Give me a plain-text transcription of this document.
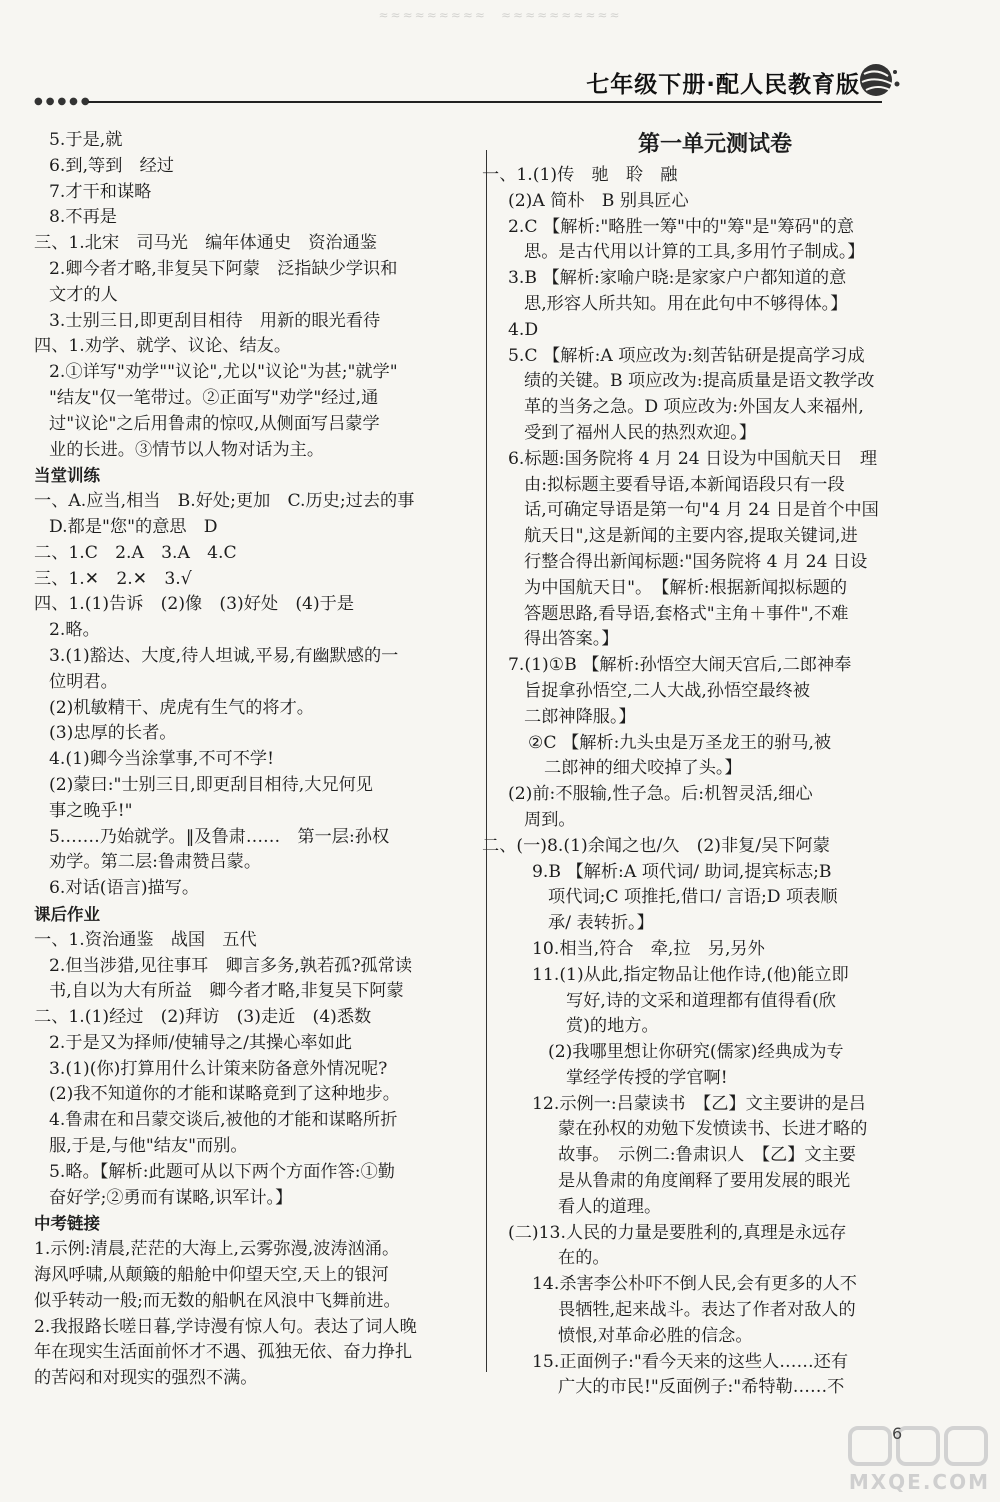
≈≈≈≈≈≈≈≈≈　≈≈≈≈≈≈≈≈≈≈
●●●●●
七年级下册·配人民教育版
5.于是,就
6.到,等到　经过
7.才干和谋略
8.不再是
三、1.北宋　司马光　编年体通史　资治通鉴
2.卿今者才略,非复吴下阿蒙　泛指缺少学识和
文才的人
3.士别三日,即更刮目相待　用新的眼光看待
四、1.劝学、就学、议论、结友。
2.①详写"劝学""议论",尤以"议论"为甚;"就学"
"结友"仅一笔带过。②正面写"劝学"经过,通
过"议论"之后用鲁肃的惊叹,从侧面写吕蒙学
业的长进。③情节以人物对话为主。
当堂训练
一、A.应当,相当　B.好处;更加　C.历史;过去的事
D.都是"您"的意思　D
二、1.C　2.A　3.A　4.C
三、1.✕　2.✕　3.√
四、1.(1)告诉　(2)像　(3)好处　(4)于是
2.略。
3.(1)豁达、大度,待人坦诚,平易,有幽默感的一
位明君。
(2)机敏精干、虎虎有生气的将才。
(3)忠厚的长者。
4.(1)卿今当涂掌事,不可不学!
(2)蒙曰:"士别三日,即更刮目相待,大兄何见
事之晚乎!"
5.……乃始就学。‖及鲁肃……　第一层:孙权
劝学。第二层:鲁肃赞吕蒙。
6.对话(语言)描写。
课后作业
一、1.资治通鉴　战国　五代
2.但当涉猎,见往事耳　卿言多务,孰若孤?孤常读
书,自以为大有所益　卿今者才略,非复吴下阿蒙
二、1.(1)经过　(2)拜访　(3)走近　(4)悉数
2.于是又为择师/使辅导之/其操心率如此
3.(1)(你)打算用什么计策来防备意外情况呢?
(2)我不知道你的才能和谋略竟到了这种地步。
4.鲁肃在和吕蒙交谈后,被他的才能和谋略所折
服,于是,与他"结友"而别。
5.略。【解析:此题可从以下两个方面作答:①勤
奋好学;②勇而有谋略,识军计。】
中考链接
1.示例:清晨,茫茫的大海上,云雾弥漫,波涛汹涌。
海风呼啸,从颠簸的船舱中仰望天空,天上的银河
似乎转动一般;而无数的船帆在风浪中飞舞前进。
2.我报路长嗟日暮,学诗漫有惊人句。表达了词人晚
年在现实生活面前怀才不遇、孤独无依、奋力挣扎
的苦闷和对现实的强烈不满。
第一单元测试卷
一、1.(1)传　驰　聆　融
(2)A 简朴　B 别具匠心
2.C 【解析:"略胜一筹"中的"筹"是"筹码"的意
思。是古代用以计算的工具,多用竹子制成。】
3.B 【解析:家喻户晓:是家家户户都知道的意
思,形容人所共知。用在此句中不够得体。】
4.D
5.C 【解析:A 项应改为:刻苦钻研是提高学习成
绩的关键。B 项应改为:提高质量是语文教学改
革的当务之急。D 项应改为:外国友人来福州,
受到了福州人民的热烈欢迎。】
6.标题:国务院将 4 月 24 日设为中国航天日　理
由:拟标题主要看导语,本新闻语段只有一段
话,可确定导语是第一句"4 月 24 日是首个中国
航天日",这是新闻的主要内容,提取关键词,进
行整合得出新闻标题:"国务院将 4 月 24 日设
为中国航天日"。　【解析:根据新闻拟标题的
答题思路,看导语,套格式"主角＋事件",不难
得出答案。】
7.(1)①B 【解析:孙悟空大闹天宫后,二郎神奉
旨捉拿孙悟空,二人大战,孙悟空最终被
二郎神降服。】
②C 【解析:九头虫是万圣龙王的驸马,被
二郎神的细犬咬掉了头。】
(2)前:不服输,性子急。后:机智灵活,细心
周到。
二、(一)8.(1)余闻之也/久　(2)非复/吴下阿蒙
9.B 【解析:A 项代词/ 助词,提宾标志;B
项代词;C 项推托,借口/ 言语;D 项表顺
承/ 表转折。】
10.相当,符合　牵,拉　另,另外
11.(1)从此,指定物品让他作诗,(他)能立即
写好,诗的文采和道理都有值得看(欣
赏)的地方。
(2)我哪里想让你研究(儒家)经典成为专
掌经学传授的学官啊!
12.示例一:吕蒙读书　【乙】文主要讲的是吕
蒙在孙权的劝勉下发愤读书、长进才略的
故事。　示例二:鲁肃识人　【乙】文主要
是从鲁肃的角度阐释了要用发展的眼光
看人的道理。
(二)13.人民的力量是要胜利的,真理是永远存
在的。
14.杀害李公朴吓不倒人民,会有更多的人不
畏牺牲,起来战斗。表达了作者对敌人的
愤恨,对革命必胜的信念。
15.正面例子:"看今天来的这些人……还有
广大的市民!"反面例子:"希特勒……不
MXQE.COM
6
